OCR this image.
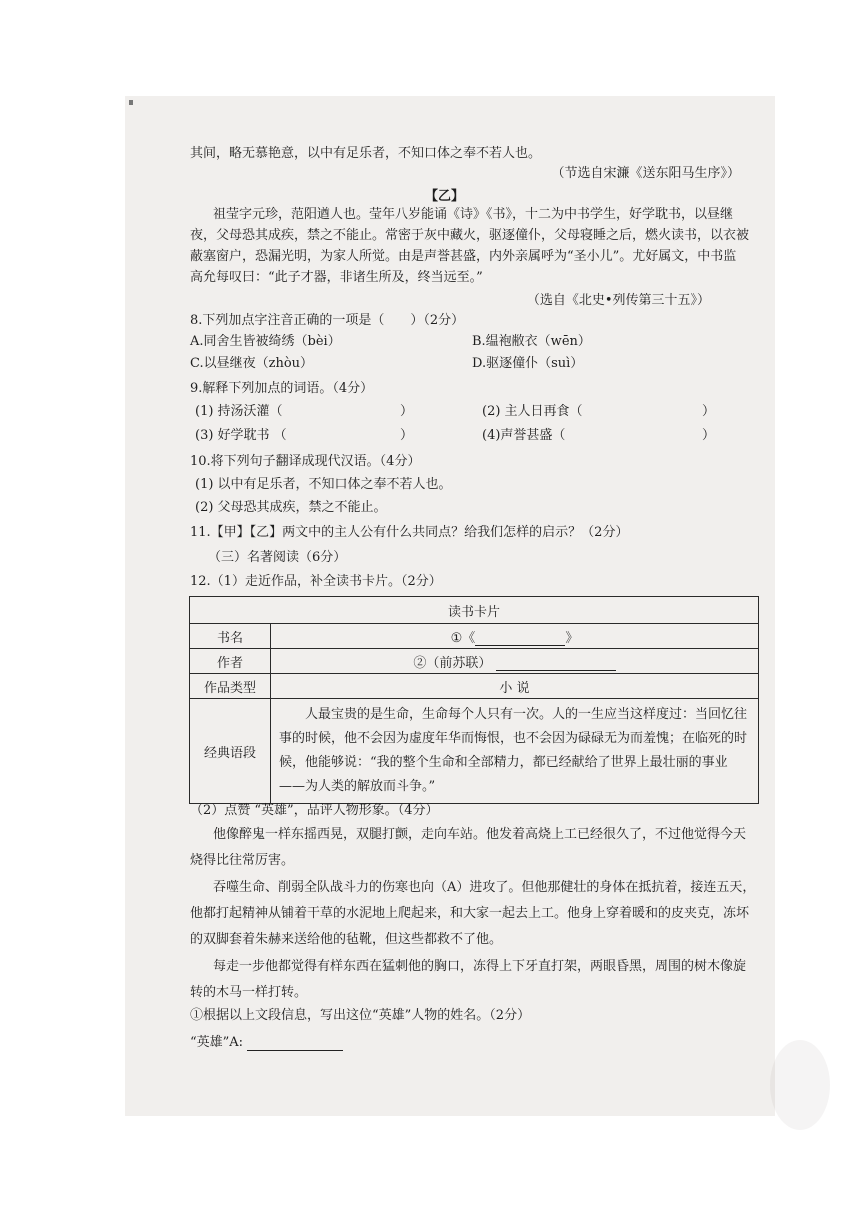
其间，略无慕艳意，以中有足乐者，不知口体之奉不若人也。
（节选自宋濂《送东阳马生序》）
【乙】
祖莹字元珍，范阳遒人也。莹年八岁能诵《诗》《书》，十二为中书学生，好学耽书，以昼继
夜，父母恐其成疾，禁之不能止。常密于灰中藏火，驱逐僮仆，父母寝睡之后，燃火读书，以衣被
蔽塞窗户，恐漏光明，为家人所觉。由是声誉甚盛，内外亲属呼为“圣小儿”。尤好属文，中书监
高允每叹曰：“此子才器，非诸生所及，终当远至。”
（选自《北史•列传第三十五》）
8.下列加点字注音正确的一项是（　　）（2分）
A.同舍生皆被绮绣（bèi）	B.缊袍敝衣（wēn）
C.以昼继夜（zhòu）	D.驱逐僮仆（suì）
9.解释下列加点的词语。（4分）
(1) 持汤沃灌（	）	(2) 主人日再食（	）
(3) 好学耽书 （	）	(4)声誉甚盛（	）
10.将下列句子翻译成现代汉语。（4分）
(1) 以中有足乐者，不知口体之奉不若人也。
(2) 父母恐其成疾，禁之不能止。
11.【甲】【乙】两文中的主人公有什么共同点？给我们怎样的启示？（2分）
（三）名著阅读（6分）
12.（1）走近作品，补全读书卡片。（2分）
读书卡片	
书名	①《 》
作者	②（前苏联）
作品类型	小 说
经典语段	人最宝贵的是生命，生命每个人只有一次。人的一生应当这样度过：当回忆往事的时候，他不会因为虚度年华而悔恨，也不会因为碌碌无为而羞愧；在临死的时候，他能够说：“我的整个生命和全部精力，都已经献给了世界上最壮丽的事业——为人类的解放而斗争。”
（2）点赞 “英雄”，品评人物形象。（4分）
他像醉鬼一样东摇西晃，双腿打颤，走向车站。他发着高烧上工已经很久了，不过他觉得今天
烧得比往常厉害。
吞噬生命、削弱全队战斗力的伤寒也向（A）进攻了。但他那健壮的身体在抵抗着，接连五天，
他都打起精神从铺着干草的水泥地上爬起来，和大家一起去上工。他身上穿着暖和的皮夹克，冻坏
的双脚套着朱赫来送给他的毡靴，但这些都救不了他。
每走一步他都觉得有样东西在猛刺他的胸口，冻得上下牙直打架，两眼昏黑，周围的树木像旋
转的木马一样打转。
①根据以上文段信息，写出这位“英雄”人物的姓名。（2分）
“英雄”A:
